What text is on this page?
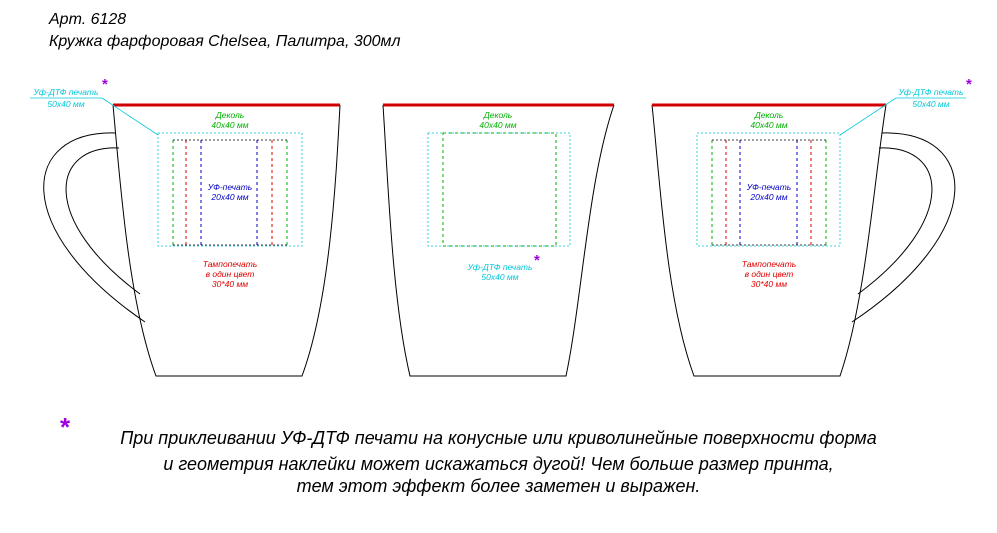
Арт. 6128
Кружка фарфоровая Chelsea, Палитра, 300мл
Уф-ДТФ печать
50х40 мм
*
Деколь
40х40 мм
УФ-печать
20х40 мм
Тампопечать
в один цвет
30*40 мм
Деколь
40х40 мм
Уф-ДТФ печать
50х40 мм
*
Уф-ДТФ печать
50х40 мм
*
Деколь
40х40 мм
УФ-печать
20х40 мм
Тампопечать
в один цвет
30*40 мм
*	При приклеивании УФ-ДТФ печати на конусные или криволинейные поверхности форма
и геометрия наклейки может искажаться дугой! Чем больше размер принта,
тем этот эффект более заметен и выражен.
